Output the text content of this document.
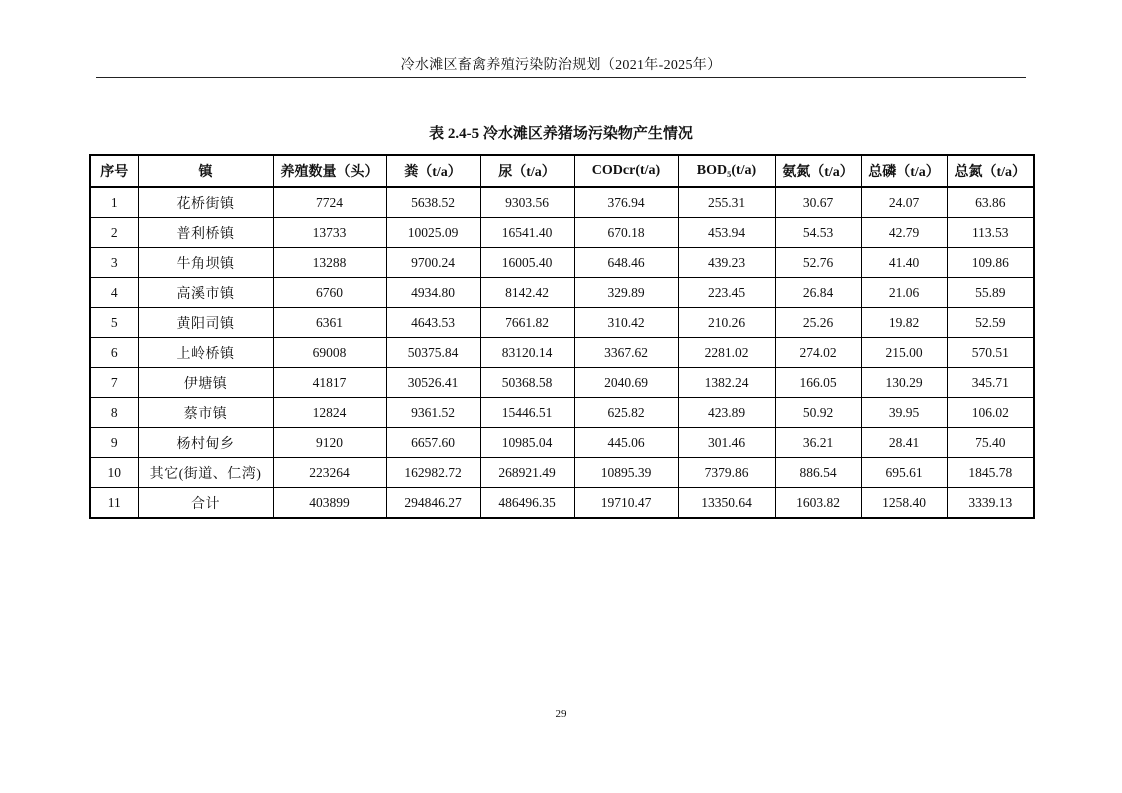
冷水滩区畜禽养殖污染防治规划（2021年-2025年）
表 2.4-5 冷水滩区养猪场污染物产生情况
序号	镇	养殖数量（头）	粪（t/a）	尿（t/a）	CODcr(t/a)	BOD₅(t/a)	氨氮（t/a）	总磷（t/a）	总氮（t/a）
1	花桥街镇	7724	5638.52	9303.56	376.94	255.31	30.67	24.07	63.86
2	普利桥镇	13733	10025.09	16541.40	670.18	453.94	54.53	42.79	113.53
3	牛角坝镇	13288	9700.24	16005.40	648.46	439.23	52.76	41.40	109.86
4	高溪市镇	6760	4934.80	8142.42	329.89	223.45	26.84	21.06	55.89
5	黄阳司镇	6361	4643.53	7661.82	310.42	210.26	25.26	19.82	52.59
6	上岭桥镇	69008	50375.84	83120.14	3367.62	2281.02	274.02	215.00	570.51
7	伊塘镇	41817	30526.41	50368.58	2040.69	1382.24	166.05	130.29	345.71
8	蔡市镇	12824	9361.52	15446.51	625.82	423.89	50.92	39.95	106.02
9	杨村甸乡	9120	6657.60	10985.04	445.06	301.46	36.21	28.41	75.40
10	其它(街道、仁湾)	223264	162982.72	268921.49	10895.39	7379.86	886.54	695.61	1845.78
11	合计	403899	294846.27	486496.35	19710.47	13350.64	1603.82	1258.40	3339.13
29
